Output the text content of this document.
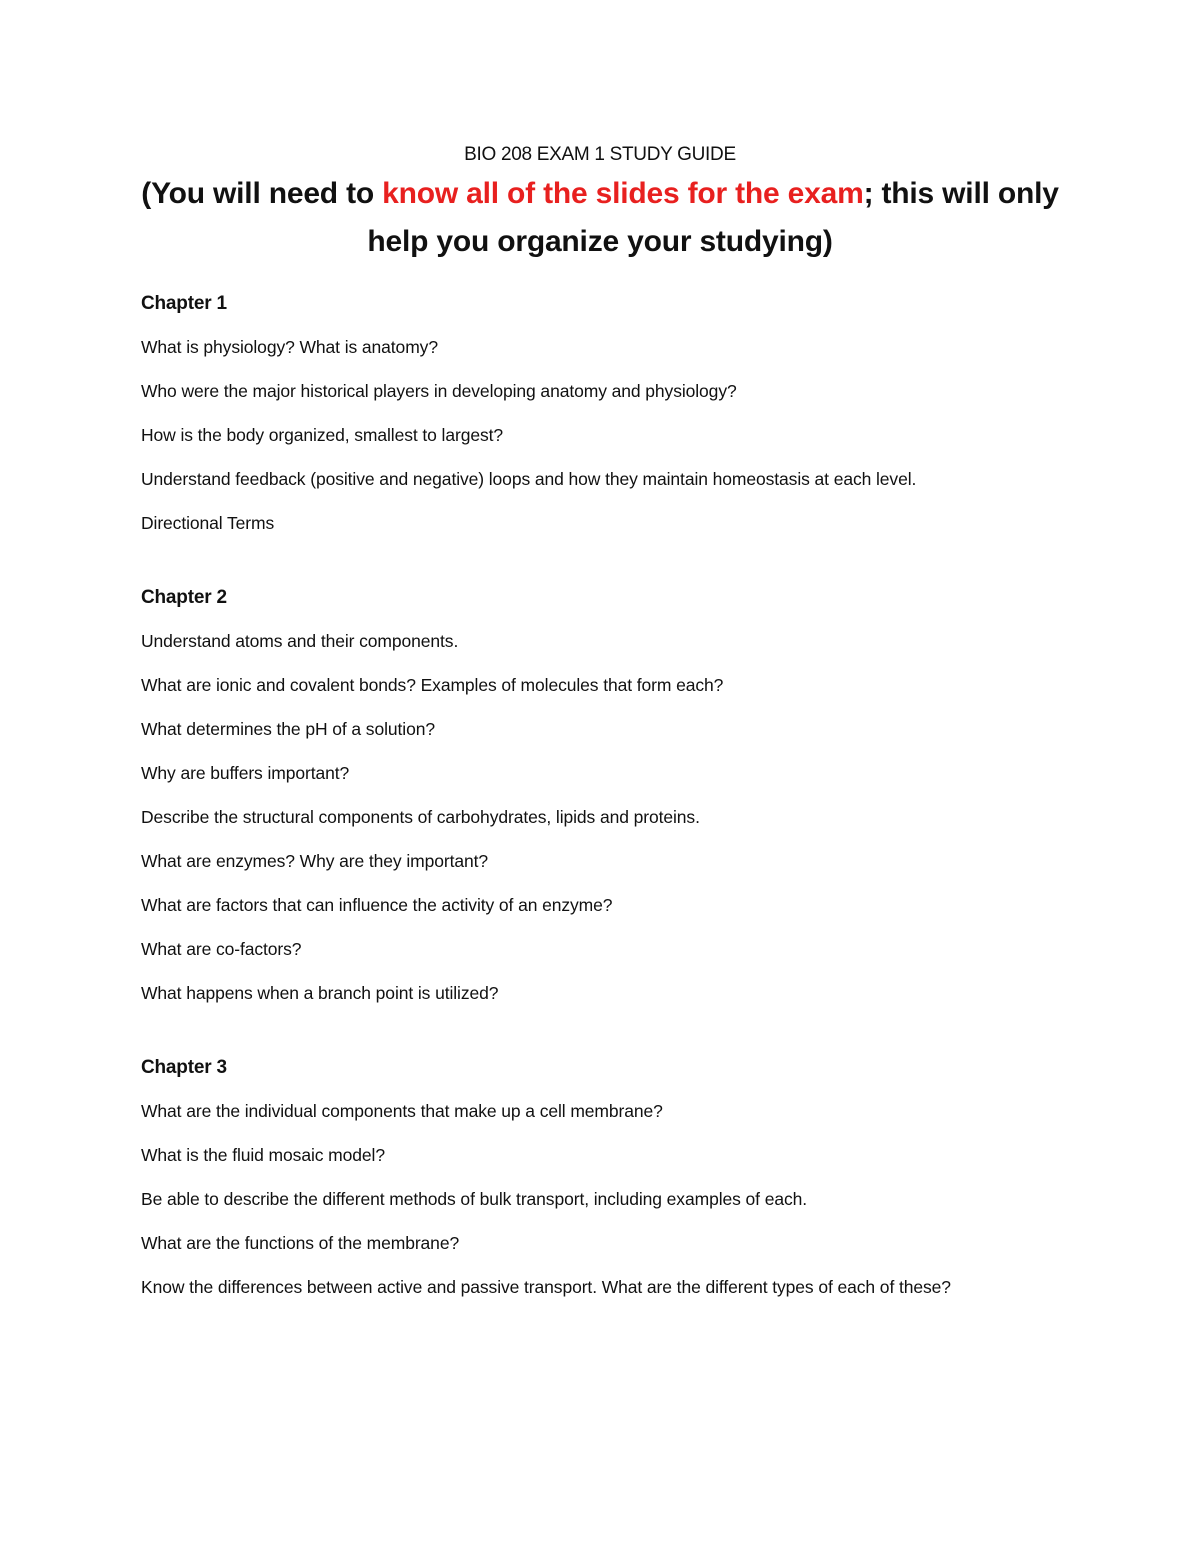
BIO 208 EXAM 1 STUDY GUIDE

(You will need to know all of the slides for the exam; this will only help you organize your studying)

Chapter 1

What is physiology? What is anatomy?

Who were the major historical players in developing anatomy and physiology?

How is the body organized, smallest to largest?

Understand feedback (positive and negative) loops and how they maintain homeostasis at each level.

Directional Terms

Chapter 2

Understand atoms and their components.

What are ionic and covalent bonds? Examples of molecules that form each?

What determines the pH of a solution?

Why are buffers important?

Describe the structural components of carbohydrates, lipids and proteins.

What are enzymes? Why are they important?

What are factors that can influence the activity of an enzyme?

What are co-factors?

What happens when a branch point is utilized?

Chapter 3

What are the individual components that make up a cell membrane?

What is the fluid mosaic model?

Be able to describe the different methods of bulk transport, including examples of each.

What are the functions of the membrane?

Know the differences between active and passive transport. What are the different types of each of these?
